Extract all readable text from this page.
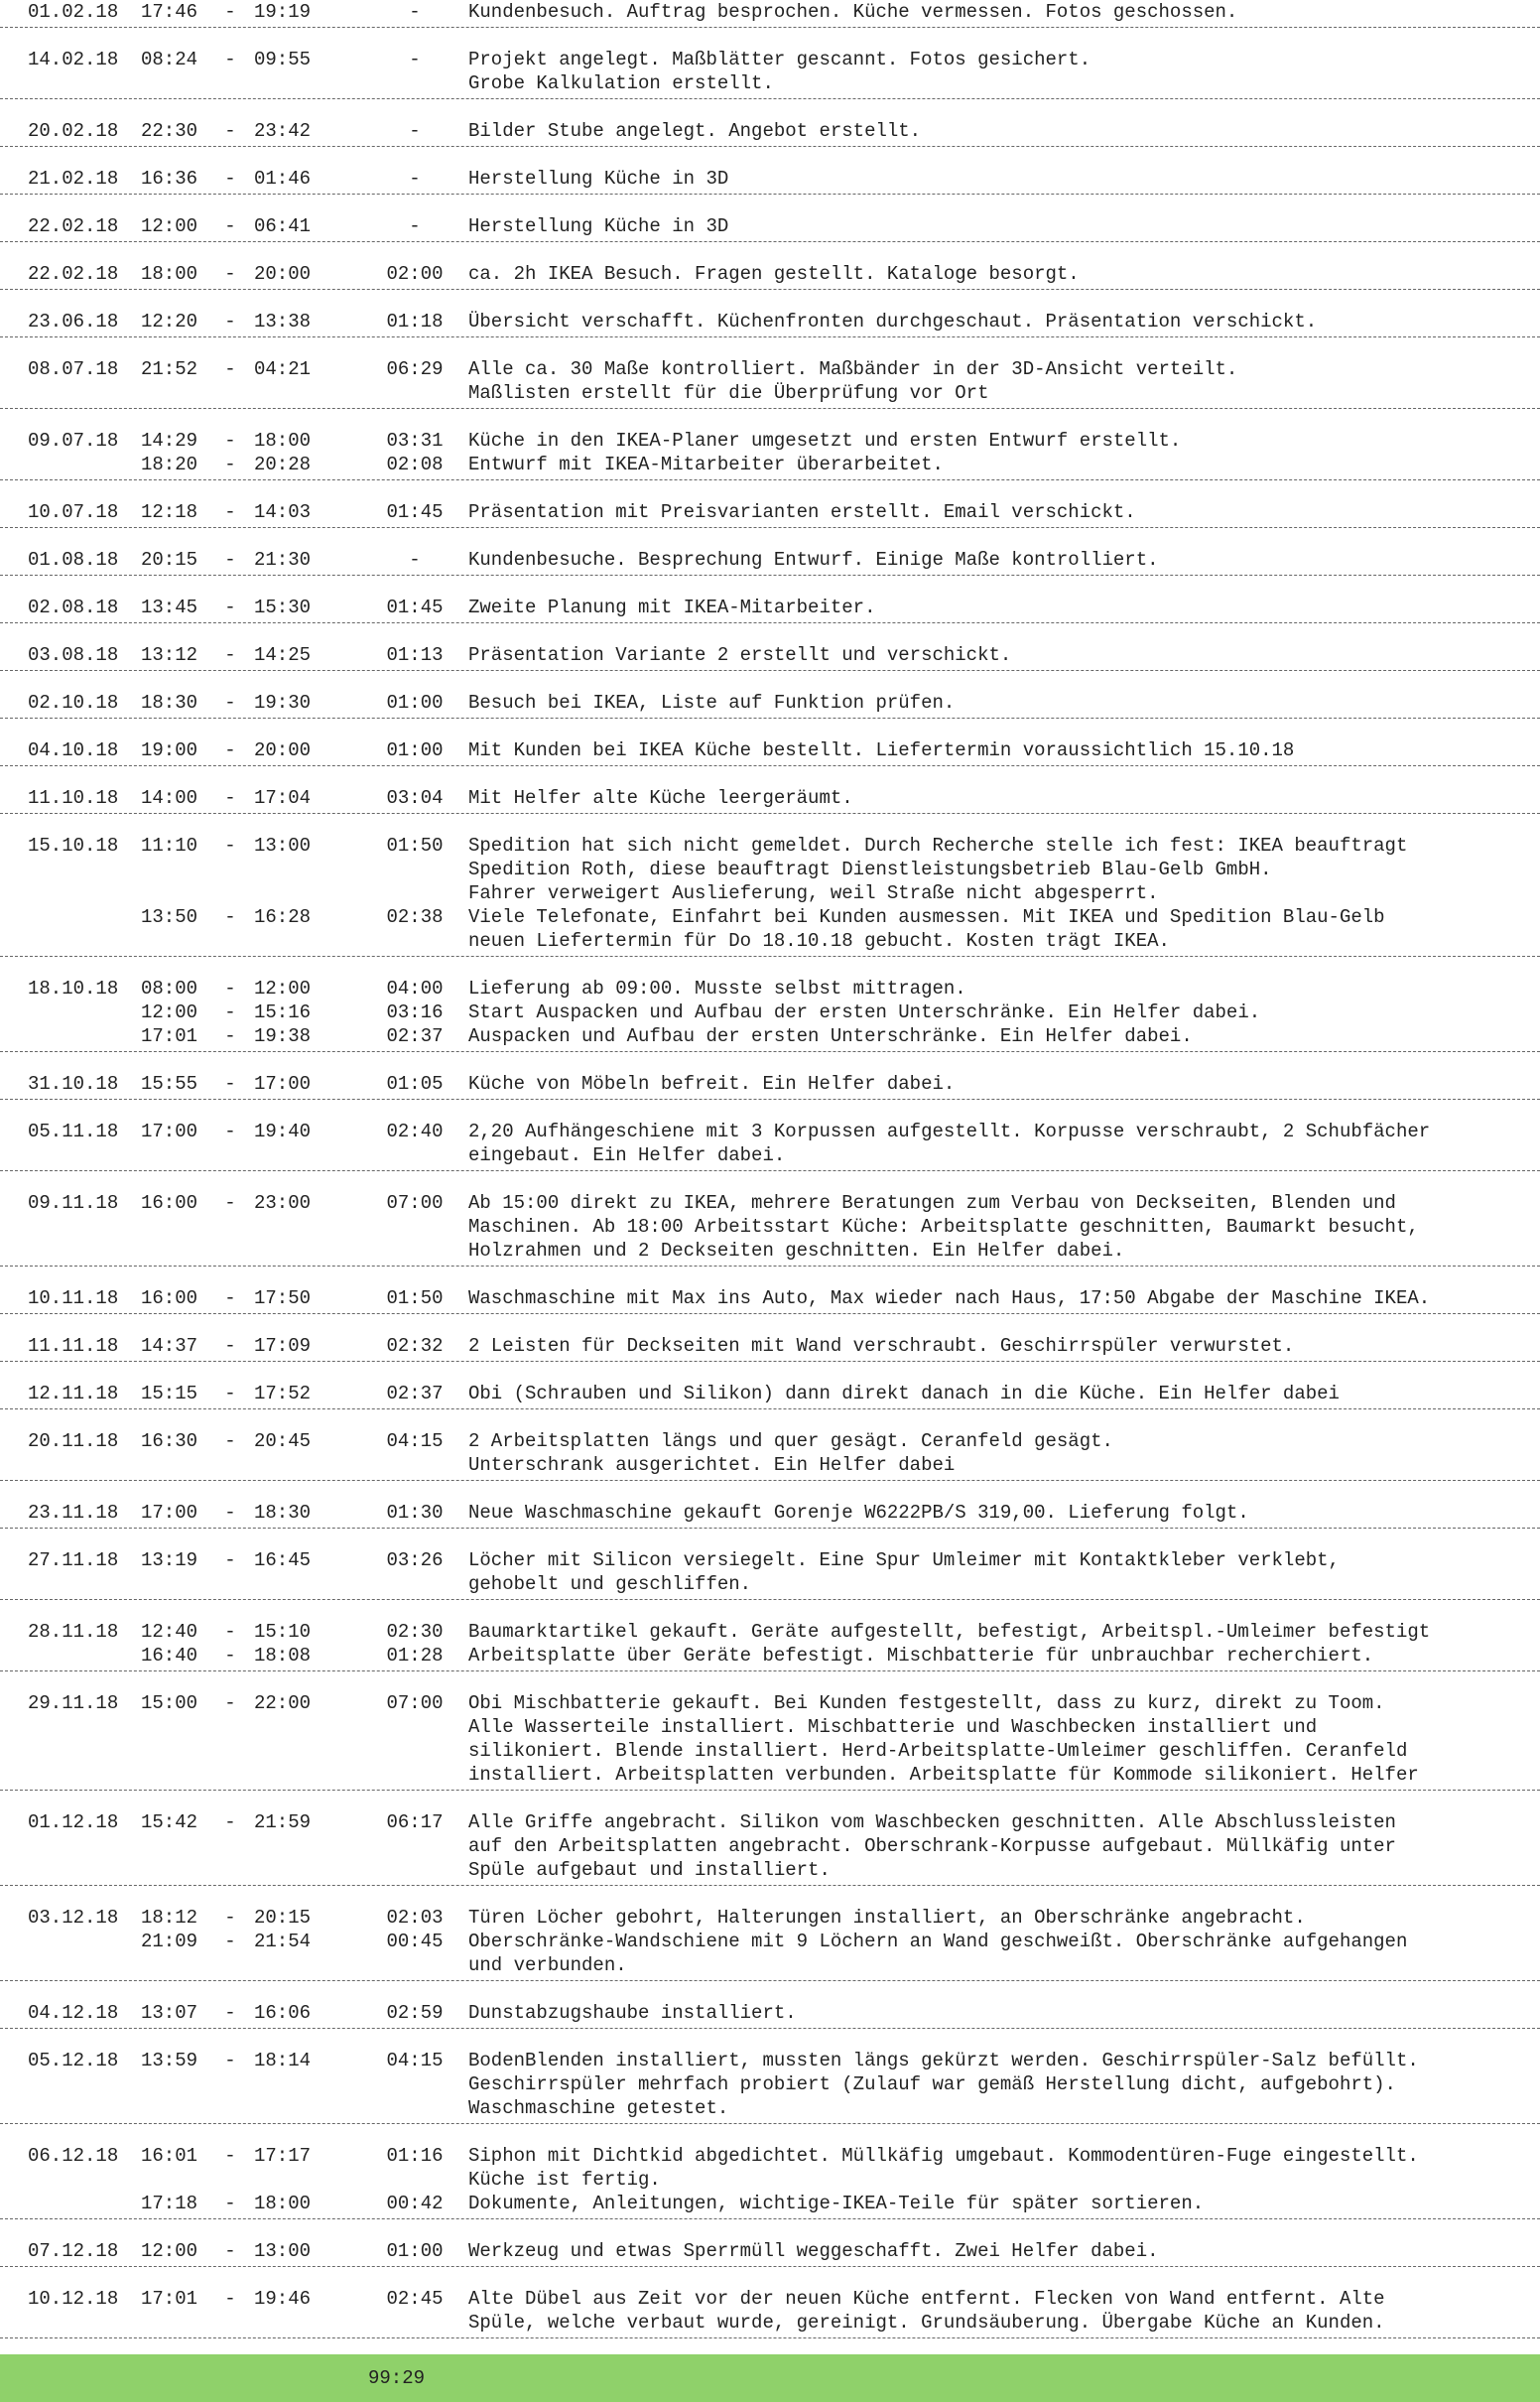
01.02.18	17:46	- 19:19	-	Kundenbesuch. Auftrag besprochen. Küche vermessen. Fotos geschossen.
14.02.18	08:24	- 09:55	-	Projekt angelegt. Maßblätter gescannt. Fotos gesichert.
Grobe Kalkulation erstellt.
20.02.18	22:30	- 23:42	-	Bilder Stube angelegt. Angebot erstellt.
21.02.18	16:36	- 01:46	-	Herstellung Küche in 3D
22.02.18	12:00	- 06:41	-	Herstellung Küche in 3D
22.02.18	18:00	- 20:00	02:00	ca. 2h IKEA Besuch. Fragen gestellt. Kataloge besorgt.
23.06.18	12:20	- 13:38	01:18	Übersicht verschafft. Küchenfronten durchgeschaut. Präsentation verschickt.
08.07.18	21:52	- 04:21	06:29	Alle ca. 30 Maße kontrolliert. Maßbänder in der 3D-Ansicht verteilt.
Maßlisten erstellt für die Überprüfung vor Ort
09.07.18	14:29	- 18:00	03:31	Küche in den IKEA-Planer umgesetzt und ersten Entwurf erstellt.
18:20	- 20:28	02:08	Entwurf mit IKEA-Mitarbeiter überarbeitet.
10.07.18	12:18	- 14:03	01:45	Präsentation mit Preisvarianten erstellt. Email verschickt.
01.08.18	20:15	- 21:30	-	Kundenbesuche. Besprechung Entwurf. Einige Maße kontrolliert.
02.08.18	13:45	- 15:30	01:45	Zweite Planung mit IKEA-Mitarbeiter.
03.08.18	13:12	- 14:25	01:13	Präsentation Variante 2 erstellt und verschickt.
02.10.18	18:30	- 19:30	01:00	Besuch bei IKEA, Liste auf Funktion prüfen.
04.10.18	19:00	- 20:00	01:00	Mit Kunden bei IKEA Küche bestellt. Liefertermin voraussichtlich 15.10.18
11.10.18	14:00	- 17:04	03:04	Mit Helfer alte Küche leergeräumt.
15.10.18	11:10	- 13:00	01:50	Spedition hat sich nicht gemeldet. Durch Recherche stelle ich fest: IKEA beauftragt
Spedition Roth, diese beauftragt Dienstleistungsbetrieb Blau-Gelb GmbH.
Fahrer verweigert Auslieferung, weil Straße nicht abgesperrt.
13:50	- 16:28	02:38	Viele Telefonate, Einfahrt bei Kunden ausmessen. Mit IKEA und Spedition Blau-Gelb
neuen Liefertermin für Do 18.10.18 gebucht. Kosten trägt IKEA.
18.10.18	08:00	- 12:00	04:00	Lieferung ab 09:00. Musste selbst mittragen.
12:00	- 15:16	03:16	Start Auspacken und Aufbau der ersten Unterschränke. Ein Helfer dabei.
17:01	- 19:38	02:37	Auspacken und Aufbau der ersten Unterschränke. Ein Helfer dabei.
31.10.18	15:55	- 17:00	01:05	Küche von Möbeln befreit. Ein Helfer dabei.
05.11.18	17:00	- 19:40	02:40	2,20 Aufhängeschiene mit 3 Korpussen aufgestellt. Korpusse verschraubt, 2 Schubfächer
eingebaut. Ein Helfer dabei.
09.11.18	16:00	- 23:00	07:00	Ab 15:00 direkt zu IKEA, mehrere Beratungen zum Verbau von Deckseiten, Blenden und
Maschinen. Ab 18:00 Arbeitsstart Küche: Arbeitsplatte geschnitten, Baumarkt besucht,
Holzrahmen und 2 Deckseiten geschnitten. Ein Helfer dabei.
10.11.18	16:00	- 17:50	01:50	Waschmaschine mit Max ins Auto, Max wieder nach Haus, 17:50 Abgabe der Maschine IKEA.
11.11.18	14:37	- 17:09	02:32	2 Leisten für Deckseiten mit Wand verschraubt. Geschirrspüler verwurstet.
12.11.18	15:15	- 17:52	02:37	Obi (Schrauben und Silikon) dann direkt danach in die Küche. Ein Helfer dabei
20.11.18	16:30	- 20:45	04:15	2 Arbeitsplatten längs und quer gesägt. Ceranfeld gesägt.
Unterschrank ausgerichtet. Ein Helfer dabei
23.11.18	17:00	- 18:30	01:30	Neue Waschmaschine gekauft Gorenje W6222PB/S 319,00. Lieferung folgt.
27.11.18	13:19	- 16:45	03:26	Löcher mit Silicon versiegelt. Eine Spur Umleimer mit Kontaktkleber verklebt,
gehobelt und geschliffen.
28.11.18	12:40	- 15:10	02:30	Baumarktartikel gekauft. Geräte aufgestellt, befestigt, Arbeitspl.-Umleimer befestigt
16:40	- 18:08	01:28	Arbeitsplatte über Geräte befestigt. Mischbatterie für unbrauchbar recherchiert.
29.11.18	15:00	- 22:00	07:00	Obi Mischbatterie gekauft. Bei Kunden festgestellt, dass zu kurz, direkt zu Toom.
Alle Wasserteile installiert. Mischbatterie und Waschbecken installiert und
silikoniert. Blende installiert. Herd-Arbeitsplatte-Umleimer geschliffen. Ceranfeld
installiert. Arbeitsplatten verbunden. Arbeitsplatte für Kommode silikoniert. Helfer
01.12.18	15:42	- 21:59	06:17	Alle Griffe angebracht. Silikon vom Waschbecken geschnitten. Alle Abschlussleisten
auf den Arbeitsplatten angebracht. Oberschrank-Korpusse aufgebaut. Müllkäfig unter
Spüle aufgebaut und installiert.
03.12.18	18:12	- 20:15	02:03	Türen Löcher gebohrt, Halterungen installiert, an Oberschränke angebracht.
21:09	- 21:54	00:45	Oberschränke-Wandschiene mit 9 Löchern an Wand geschweißt. Oberschränke aufgehangen
und verbunden.
04.12.18	13:07	- 16:06	02:59	Dunstabzugshaube installiert.
05.12.18	13:59	- 18:14	04:15	BodenBlenden installiert, mussten längs gekürzt werden. Geschirrspüler-Salz befüllt.
Geschirrspüler mehrfach probiert (Zulauf war gemäß Herstellung dicht, aufgebohrt).
Waschmaschine getestet.
06.12.18	16:01	- 17:17	01:16	Siphon mit Dichtkid abgedichtet. Müllkäfig umgebaut. Kommodentüren-Fuge eingestellt.
Küche ist fertig.
17:18	- 18:00	00:42	Dokumente, Anleitungen, wichtige-IKEA-Teile für später sortieren.
07.12.18	12:00	- 13:00	01:00	Werkzeug und etwas Sperrmüll weggeschafft. Zwei Helfer dabei.
10.12.18	17:01	- 19:46	02:45	Alte Dübel aus Zeit vor der neuen Küche entfernt. Flecken von Wand entfernt. Alte
Spüle, welche verbaut wurde, gereinigt. Grundsäuberung. Übergabe Küche an Kunden.
99:29
